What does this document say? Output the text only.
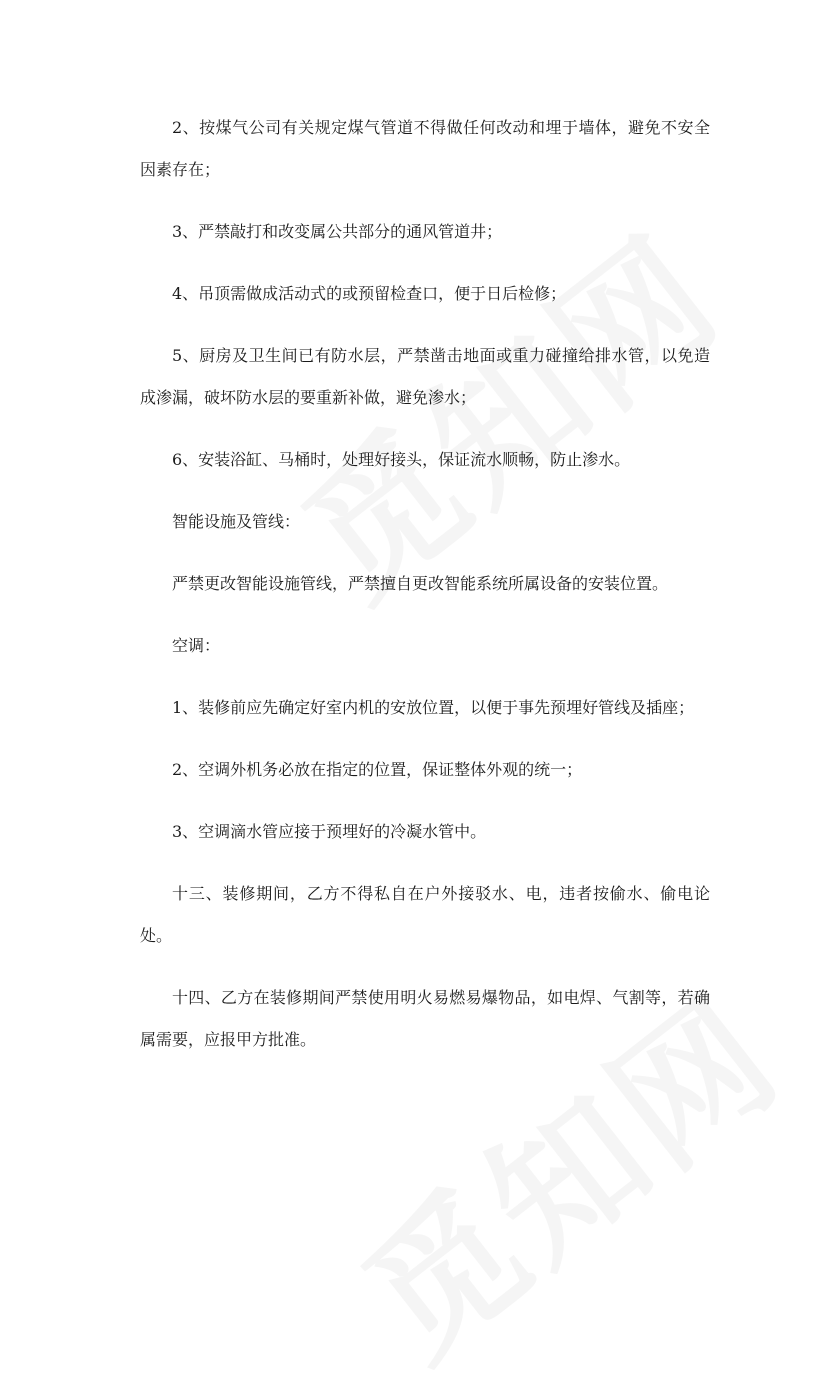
2、按煤气公司有关规定煤气管道不得做任何改动和埋于墙体，避免不安全因素存在；

3、严禁敲打和改变属公共部分的通风管道井；

4、吊顶需做成活动式的或预留检查口，便于日后检修；

5、厨房及卫生间已有防水层，严禁凿击地面或重力碰撞给排水管，以免造成渗漏，破坏防水层的要重新补做，避免渗水；

6、安装浴缸、马桶时，处理好接头，保证流水顺畅，防止渗水。

智能设施及管线：

严禁更改智能设施管线，严禁擅自更改智能系统所属设备的安装位置。

空调：

1、装修前应先确定好室内机的安放位置，以便于事先预埋好管线及插座；

2、空调外机务必放在指定的位置，保证整体外观的统一；

3、空调滴水管应接于预埋好的冷凝水管中。

十三、装修期间，乙方不得私自在户外接驳水、电，违者按偷水、偷电论处。

十四、乙方在装修期间严禁使用明火易燃易爆物品，如电焊、气割等，若确属需要，应报甲方批准。
